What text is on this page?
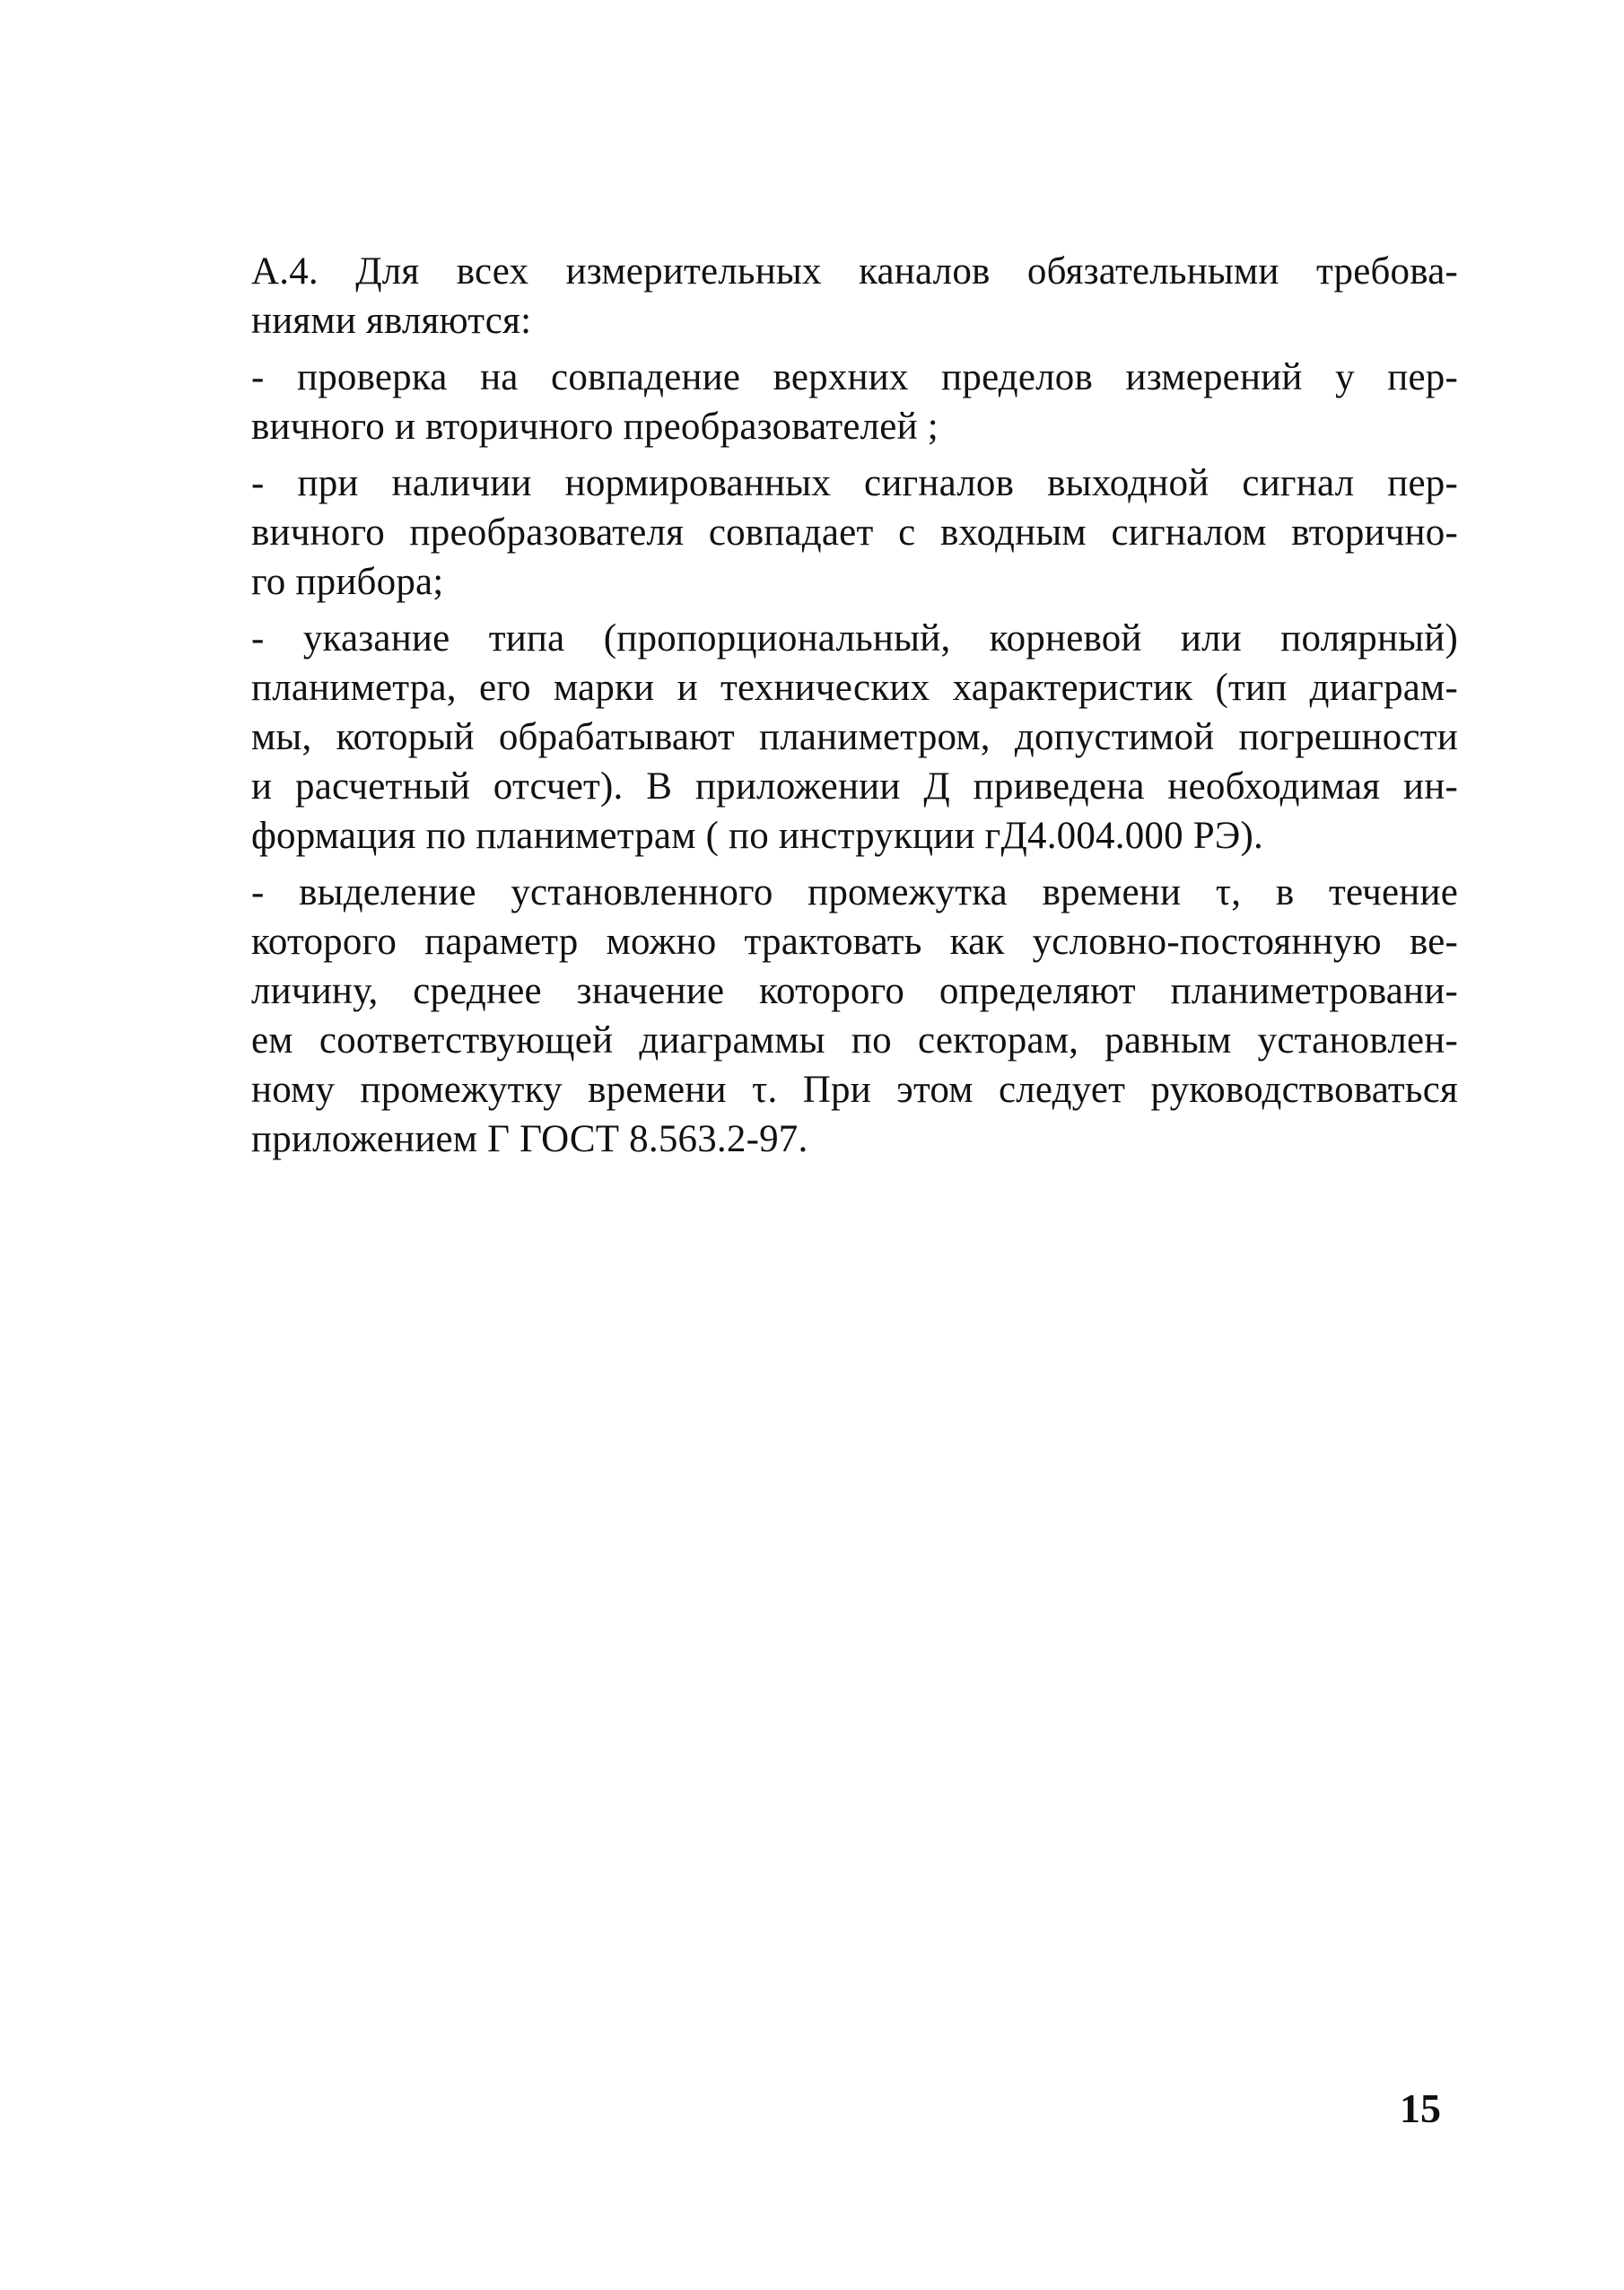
А.4. Для всех измерительных каналов обязательными требова-
ниями являются:
- проверка на совпадение верхних пределов измерений у пер-
вичного и вторичного преобразователей ;
- при наличии нормированных сигналов выходной сигнал пер-
вичного преобразователя совпадает с входным сигналом вторично-
го прибора;
- указание типа (пропорциональный, корневой или полярный)
планиметра, его марки и технических характеристик (тип диаграм-
мы, который обрабатывают планиметром, допустимой погрешности
и расчетный отсчет). В приложении Д приведена необходимая ин-
формация по планиметрам ( по инструкции гД4.004.000 РЭ).
- выделение установленного промежутка времени τ, в течение
которого параметр можно трактовать как условно-постоянную ве-
личину, среднее значение которого определяют планиметровани-
ем соответствующей диаграммы по секторам, равным установлен-
ному промежутку времени τ. При этом следует руководствоваться
приложением Г ГОСТ 8.563.2-97.
15
